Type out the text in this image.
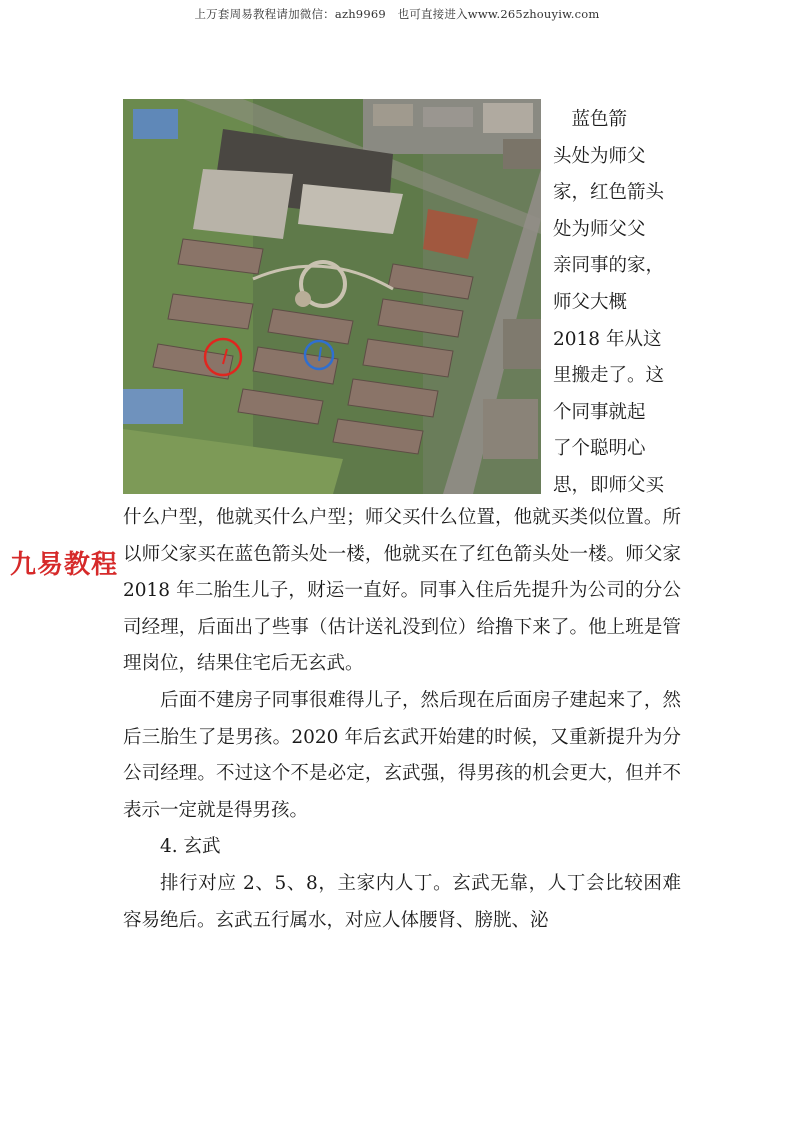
上万套周易教程请加微信：azh9969　也可直接进入www.265zhouyiw.com

　蓝色箭

头处为师父

家，红色箭头

处为师父父

亲同事的家，

师父大概

2018 年从这

里搬走了。这

个同事就起

了个聪明心

思，即师父买

什么户型，他就买什么户型；师父买什么位置，他就买类似位置。所以师父家买在蓝色箭头处一楼，他就买在了红色箭头处一楼。师父家 2018 年二胎生儿子，财运一直好。同事入住后先提升为公司的分公司经理，后面出了些事（估计送礼没到位）给撸下来了。他上班是管理岗位，结果住宅后无玄武。

后面不建房子同事很难得儿子，然后现在后面房子建起来了，然后三胎生了是男孩。2020 年后玄武开始建的时候，又重新提升为分公司经理。不过这个不是必定，玄武强，得男孩的机会更大，但并不表示一定就是得男孩。

4. 玄武

排行对应 2、5、8，主家内人丁。玄武无靠，人丁会比较困难容易绝后。玄武五行属水，对应人体腰肾、膀胱、泌

九易教程
